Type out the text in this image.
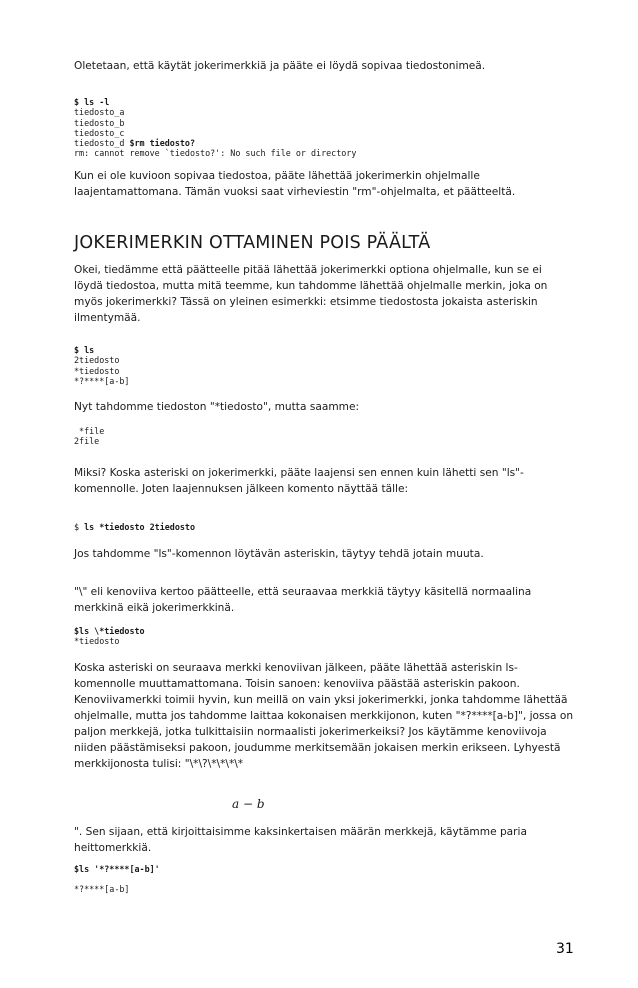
Oletetaan, että käytät jokerimerkkiä ja pääte ei löydä sopivaa tiedostonimeä.

$ ls -l

tiedosto_a

tiedosto_b

tiedosto_c

tiedosto_d $rm tiedosto?

rm: cannot remove `tiedosto?': No such file or directory

Kun ei ole kuvioon sopivaa tiedostoa, pääte lähettää jokerimerkin ohjelmalle laajentamattomana. Tämän vuoksi saat virheviestin "rm"-ohjelmalta, et päätteeltä.

JOKERIMERKIN OTTAMINEN POIS PÄÄLTÄ

Okei, tiedämme että päätteelle pitää lähettää jokerimerkki optiona ohjelmalle, kun se ei löydä tiedostoa, mutta mitä teemme, kun tahdomme lähettää ohjelmalle merkin, joka on myös jokerimerkki? Tässä on yleinen esimerkki: etsimme tiedostosta jokaista asteriskin ilmentymää.

$ ls

2tiedosto

*tiedosto

*?****[a-b]

Nyt tahdomme tiedoston "*tiedosto", mutta saamme:

*file

2file

Miksi? Koska asteriski on jokerimerkki, pääte laajensi sen ennen kuin lähetti sen "ls"-komennolle. Joten laajennuksen jälkeen komento näyttää tälle:

$ ls *tiedosto 2tiedosto

Jos tahdomme "ls"-komennon löytävän asteriskin, täytyy tehdä jotain muuta.

"\" eli kenoviiva kertoo päätteelle, että seuraavaa merkkiä täytyy käsitellä normaalina merkkinä eikä jokerimerkkinä.

$ls \*tiedosto

*tiedosto

Koska asteriski on seuraava merkki kenoviivan jälkeen, pääte lähettää asteriskin ls-komennolle muuttamattomana. Toisin sanoen: kenoviiva päästää asteriskin pakoon. Kenoviivamerkki toimii hyvin, kun meillä on vain yksi jokerimerkki, jonka tahdomme lähettää ohjelmalle, mutta jos tahdomme laittaa kokonaisen merkkijonon, kuten "*?****[a-b]", jossa on paljon merkkejä, jotka tulkittaisiin normaalisti jokerimerkeiksi? Jos käytämme kenoviivoja niiden päästämiseksi pakoon, joudumme merkitsemään jokaisen merkin erikseen. Lyhyestä merkkijonosta tulisi: "\*\?\*\*\*\*

a − b

". Sen sijaan, että kirjoittaisimme kaksinkertaisen määrän merkkejä, käytämme paria heittomerkkiä.

$ls '*?****[a-b]'

*?****[a-b]

31
